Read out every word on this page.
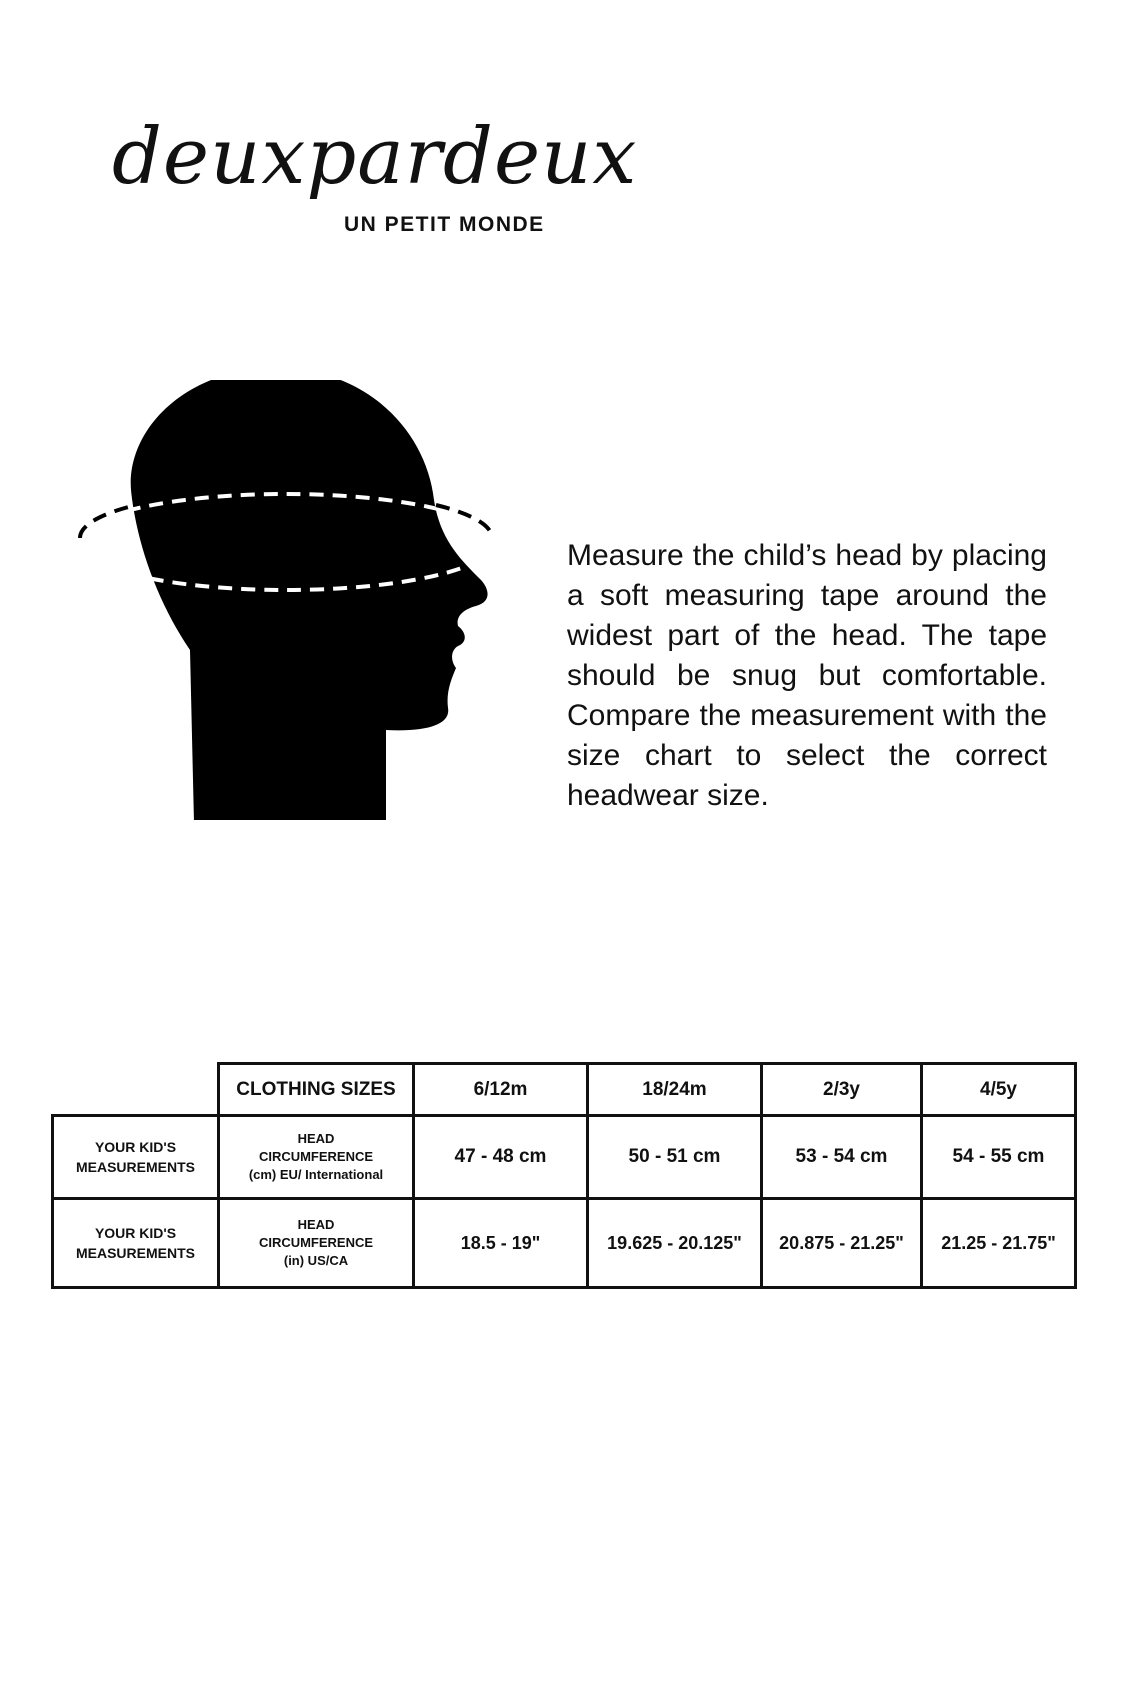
deuxpardeux
UN PETIT MONDE
Measure the child’s head by placing a soft measuring tape around the widest part of the head. The tape should be snug but comfortable. Compare the measurement with the size chart to select the correct headwear size.
	CLOTHING SIZES	6/12m	18/24m	2/3y	4/5y

YOUR KID'S MEASUREMENTS	HEAD
CIRCUMFERENCE
(cm) EU/ International	47 - 48 cm	50 - 51 cm	53 - 54 cm	54 - 55 cm

YOUR KID'S MEASUREMENTS	HEAD
CIRCUMFERENCE
(in) US/CA	18.5 - 19"	19.625 - 20.125"	20.875 - 21.25"	21.25 - 21.75"
